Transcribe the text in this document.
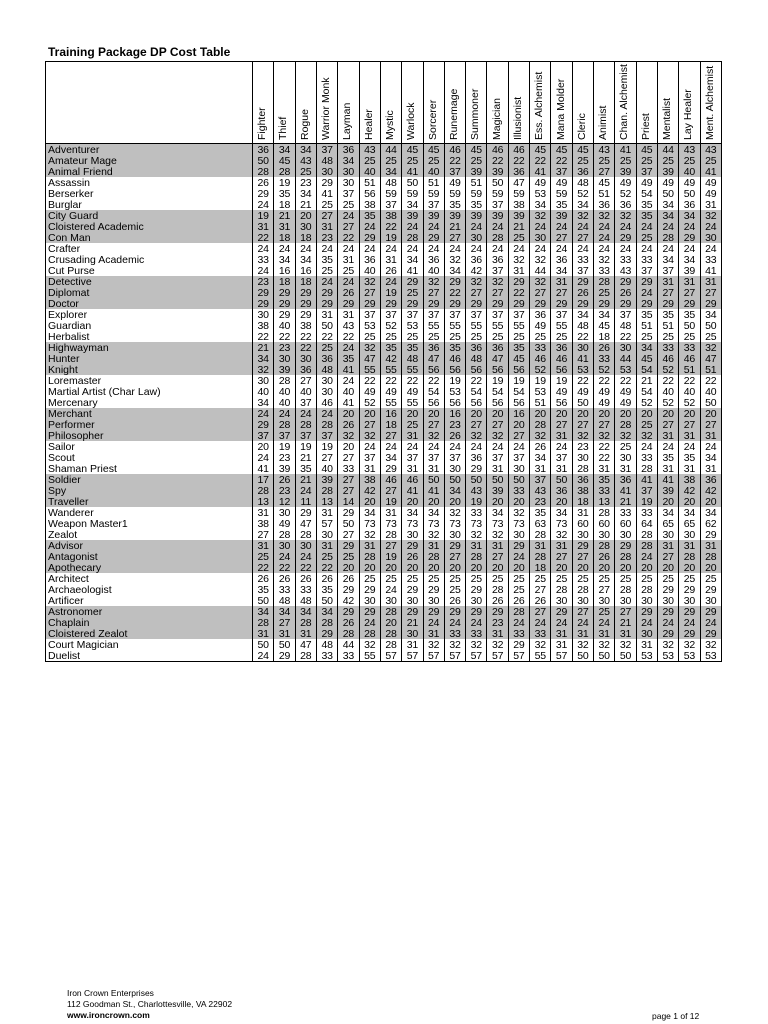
Training Package DP Cost Table

	Fighter	Thief	Rogue	Warrior Monk	Layman	Healer	Mystic	Warlock	Sorcerer	Runemage	Summoner	Magician	Illusionist	Ess. Alchemist	Mana Molder	Cleric	Animist	Chan. Alchemist	Priest	Mentalist	Lay Healer	Ment. Alchemist

Adventurer	36	34	34	37	36	43	44	45	45	46	45	46	46	45	45	45	43	41	45	44	43	43
Amateur Mage	50	45	43	48	34	25	25	25	25	22	25	22	22	22	22	25	25	25	25	25	25	25
Animal Friend	28	28	25	30	30	40	34	41	40	37	39	39	36	41	37	36	27	39	37	39	40	41
Assassin	26	19	23	29	30	51	48	50	51	49	51	50	47	49	49	48	45	49	49	49	49	49
Berserker	29	35	34	41	37	56	59	59	59	59	59	59	59	53	59	52	51	52	54	50	50	49
Burglar	24	18	21	25	25	38	37	34	37	35	35	37	38	34	35	34	36	36	35	34	36	31
City Guard	19	21	20	27	24	35	38	39	39	39	39	39	39	32	39	32	32	32	35	34	34	32
Cloistered Academic	31	31	30	31	27	24	22	24	24	21	24	24	21	24	24	24	24	24	24	24	24	24
Con Man	22	18	18	23	22	29	19	28	29	27	30	28	25	30	27	27	24	29	25	28	29	30
Crafter	24	24	24	24	24	24	24	24	24	24	24	24	24	24	24	24	24	24	24	24	24	24
Crusading Academic	33	34	34	35	31	36	31	34	36	32	36	36	32	32	36	33	32	33	33	34	34	33
Cut Purse	24	16	16	25	25	40	26	41	40	34	42	37	31	44	34	37	33	43	37	37	39	41
Detective	23	18	18	24	24	32	24	29	32	29	32	32	29	32	31	29	28	29	29	31	31	31
Diplomat	29	29	29	29	26	27	19	25	27	22	27	27	22	27	27	26	25	26	24	27	27	27
Doctor	29	29	29	29	29	29	29	29	29	29	29	29	29	29	29	29	29	29	29	29	29	29
Explorer	30	29	29	31	31	37	37	37	37	37	37	37	37	36	37	34	34	37	35	35	35	34
Guardian	38	40	38	50	43	53	52	53	55	55	55	55	55	49	55	48	45	48	51	51	50	50
Herbalist	22	22	22	22	22	25	25	25	25	25	25	25	25	25	25	22	18	22	25	25	25	25
Highwayman	21	23	22	25	24	32	35	35	36	35	36	36	35	33	36	30	26	30	34	33	33	32
Hunter	34	30	30	36	35	47	42	48	47	46	48	47	45	46	46	41	33	44	45	46	46	47
Knight	32	39	36	48	41	55	55	55	56	56	56	56	56	52	56	53	52	53	54	52	51	51
Loremaster	30	28	27	30	24	22	22	22	22	19	22	19	19	19	19	22	22	22	21	22	22	22
Martial Artist (Char Law)	40	40	40	30	40	49	49	49	54	53	54	54	54	53	49	49	49	49	54	40	40	40
Mercenary	34	40	37	46	41	52	55	55	56	56	56	56	56	51	56	50	49	49	52	52	52	50
Merchant	24	24	24	24	20	20	16	20	20	16	20	20	16	20	20	20	20	20	20	20	20	20
Performer	29	28	28	28	26	27	18	25	27	23	27	27	20	28	27	27	27	28	25	27	27	27
Philosopher	37	37	37	37	32	32	27	31	32	26	32	32	27	32	31	32	32	32	32	31	31	31
Sailor	20	19	19	19	20	24	24	24	24	24	24	24	24	26	24	23	22	25	24	24	24	24
Scout	24	23	21	27	27	37	34	37	37	37	36	37	37	34	37	30	22	30	33	35	35	34
Shaman Priest	41	39	35	40	33	31	29	31	31	30	29	31	30	31	31	28	31	31	28	31	31	31
Soldier	17	26	21	39	27	38	46	46	50	50	50	50	50	37	50	36	35	36	41	41	38	36
Spy	28	23	24	28	27	42	27	41	41	34	43	39	33	43	36	38	33	41	37	39	42	42
Traveller	13	12	11	13	14	20	19	20	20	20	19	20	20	23	20	18	13	21	19	20	20	20
Wanderer	31	30	29	31	29	34	31	34	34	32	33	34	32	35	34	31	28	33	33	34	34	34
Weapon Master1	38	49	47	57	50	73	73	73	73	73	73	73	73	63	73	60	60	60	64	65	65	62
Zealot	27	28	28	30	27	32	28	30	32	30	32	32	30	28	32	30	30	30	28	30	30	29
Advisor	31	30	30	31	29	31	27	29	31	29	31	31	29	31	31	29	28	29	28	31	31	31
Antagonist	25	24	24	25	25	28	19	26	28	27	28	27	24	28	27	27	26	28	24	27	28	28
Apothecary	22	22	22	22	20	20	20	20	20	20	20	20	20	18	20	20	20	20	20	20	20	20
Architect	26	26	26	26	26	25	25	25	25	25	25	25	25	25	25	25	25	25	25	25	25	25
Archaeologist	35	33	33	35	29	29	24	29	29	25	29	28	25	27	28	28	27	28	28	29	29	29
Artificer	50	48	48	50	42	30	30	30	30	26	30	26	26	26	30	30	30	30	30	30	30	30
Astronomer	34	34	34	34	29	29	28	29	29	29	29	29	28	27	29	27	25	27	29	29	29	29
Chaplain	28	27	28	28	26	24	20	21	24	24	24	23	24	24	24	24	24	21	24	24	24	24
Cloistered Zealot	31	31	31	29	28	28	28	30	31	33	33	31	33	33	31	31	31	31	30	29	29	29
Court Magician	50	50	47	48	44	32	28	31	32	32	32	32	29	32	31	32	32	32	31	32	32	32
Duelist	24	29	28	33	33	55	57	57	57	57	57	57	57	55	57	50	50	50	53	53	53	53
Iron Crown Enterprises
112 Goodman St., Charlottesville, VA 22902
www.ironcrown.com	page 1 of 12
